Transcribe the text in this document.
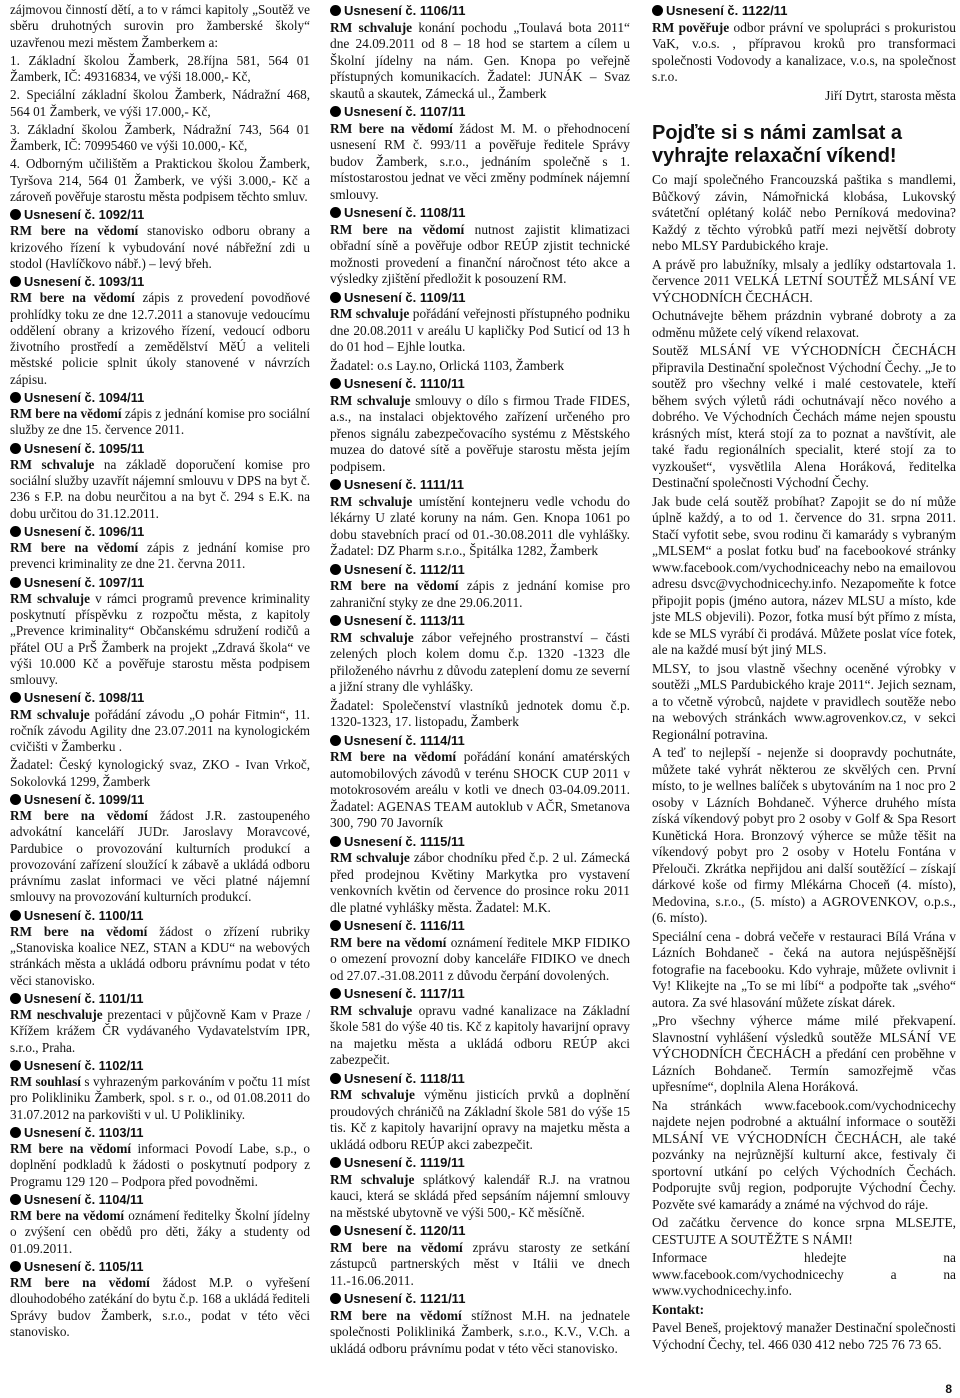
zájmovou činností dětí, a to v rámci kapitoly „Soutěž ve sběru druhotných surovin pro žamberské školy“ uzavřenou mezi městem Žamberkem a:

1. Základní školou Žamberk, 28.října 581, 564 01 Žamberk, IČ: 49316834, ve výši 18.000,- Kč,

2. Speciální základní školou Žamberk, Nádražní 468, 564 01 Žamberk, ve výši 17.000,- Kč,

3. Základní školou Žamberk, Nádražní 743, 564 01 Žamberk, IČ: 70995460 ve výši 10.000,- Kč,

4. Odborným učilištěm a Praktickou školou Žamberk, Tyršova 214, 564 01 Žamberk, ve výši 3.000,- Kč a zároveň pověřuje starostu města podpisem těchto smluv.

Usnesení č. 1092/11

RM bere na vědomí stanovisko odboru obrany a krizového řízení k vybudování nové nábřežní zdi u stodol (Havlíčkovo nábř.) – levý břeh.

Usnesení č. 1093/11

RM bere na vědomí zápis z provedení povodňové prohlídky toku ze dne 12.7.2011 a stanovuje vedoucímu oddělení obrany a krizového řízení, vedoucí odboru životního prostředí a zemědělství MěÚ a veliteli městské policie splnit úkoly stanovené v návrzích zápisu.

Usnesení č. 1094/11

RM bere na vědomí zápis z jednání komise pro sociální služby ze dne 15. července 2011.

Usnesení č. 1095/11

RM schvaluje na základě doporučení komise pro sociální služby uzavřít nájemní smlouvu v DPS na byt č. 236 s F.P. na dobu neurčitou a na byt č. 294 s E.K. na dobu určitou do 31.12.2011.

Usnesení č. 1096/11

RM bere na vědomí zápis z jednání komise pro prevenci kriminality ze dne 21. června 2011.

Usnesení č. 1097/11

RM schvaluje v rámci programů prevence kriminality poskytnutí příspěvku z rozpočtu města, z kapitoly „Prevence kriminality“ Občanskému sdružení rodičů a přátel OU a PrŠ Žamberk na projekt „Zdravá škola“ ve výši 10.000 Kč a pověřuje starostu města podpisem smlouvy.

Usnesení č. 1098/11

RM schvaluje pořádání závodu „O pohár Fitmin“, 11. ročník závodu Agility dne 23.07.2011 na kynologickém cvičišti v Žamberku .

Žadatel: Český kynologický svaz, ZKO - Ivan Vrkoč, Sokolovká 1299, Žamberk

Usnesení č. 1099/11

RM bere na vědomí žádost J.R. zastoupeného advokátní kanceláří JUDr. Jaroslavy Moravcové, Pardubice o provozování kulturních produkcí a provozování zařízení sloužící k zábavě a ukládá odboru právnímu zaslat informaci ve věci platné nájemní smlouvy na provozování kulturních produkcí.

Usnesení č. 1100/11

RM bere na vědomí žádost o zřízení rubriky „Stanoviska koalice NEZ, STAN a KDU“ na webových stránkách města a ukládá odboru právnímu podat v této věci stanovisko.

Usnesení č. 1101/11

RM neschvaluje prezentaci v půjčovně Kam v Praze / Křížem krážem ČR vydávaného Vydavatelstvím IPR, s.r.o., Praha.

Usnesení č. 1102/11

RM souhlasí s vyhrazeným parkováním v počtu 11 míst pro Polikliniku Žamberk, spol. s r. o., od 01.08.2011 do 31.07.2012 na parkovišti v ul. U Polikliniky.

Usnesení č. 1103/11

RM bere na vědomí informaci Povodí Labe, s.p., o doplnění podkladů k žádosti o poskytnutí podpory z Programu 129 120 – Podpora před povodněmi.

Usnesení č. 1104/11

RM bere na vědomí oznámení ředitelky Školní jídelny o zvýšení cen obědů pro děti, žáky a studenty od 01.09.2011.

Usnesení č. 1105/11

RM bere na vědomí žádost M.P. o vyřešení dlouhodobého zatékání do bytu č.p. 168 a ukládá řediteli Správy budov Žamberk, s.r.o., podat v této věci stanovisko.

Usnesení č. 1106/11

RM schvaluje konání pochodu „Toulavá bota 2011“ dne 24.09.2011 od 8 – 18 hod se startem a cílem u Školní jídelny na nám. Gen. Knopa po veřejně přístupných komunikacích. Žadatel: JUNÁK – Svaz skautů a skautek, Zámecká ul., Žamberk

Usnesení č. 1107/11

RM bere na vědomí žádost M. M. o přehodnocení usnesení RM č. 993/11 a pověřuje ředitele Správy budov Žamberk, s.r.o., jednáním společně s 1. místostarostou jednat ve věci změny podmínek nájemní smlouvy.

Usnesení č. 1108/11

RM bere na vědomí nutnost zajistit klimatizaci obřadní síně a pověřuje odbor REÚP zjistit technické možnosti provedení a finanční náročnost této akce a výsledky zjištění předložit k posouzení RM.

Usnesení č. 1109/11

RM schvaluje pořádání veřejnosti přístupného podniku dne 20.08.2011 v areálu U kapličky Pod Suticí od 13 h do 01 hod – Ejhle loutka.

Žadatel: o.s Lay.no, Orlická 1103, Žamberk

Usnesení č. 1110/11

RM schvaluje smlouvy o dílo s firmou Trade FIDES, a.s., na instalaci objektového zařízení určeného pro přenos signálu zabezpečovacího systému z Městského muzea do datové sítě a pověřuje starostu města jejím podpisem.

Usnesení č. 1111/11

RM schvaluje umístění kontejneru vedle vchodu do lékárny U zlaté koruny na nám. Gen. Knopa 1061 po dobu stavebních prací od 01.-30.08.2011 dle vyhlášky. Žadatel: DZ Pharm s.r.o., Špitálka 1282, Žamberk

Usnesení č. 1112/11

RM bere na vědomí zápis z jednání komise pro zahraniční styky ze dne 29.06.2011.

Usnesení č. 1113/11

RM schvaluje zábor veřejného prostranství – části zelených ploch kolem domu č.p. 1320 -1323 dle přiloženého návrhu z důvodu zateplení domu ze severní a jižní strany dle vyhlášky.

Žadatel: Společenství vlastníků jednotek domu č.p. 1320-1323, 17. listopadu, Žamberk

Usnesení č. 1114/11

RM bere na vědomí pořádání konání amatérských automobilových závodů v terénu SHOCK CUP 2011 v motokrosovém areálu v kotli ve dnech 03-04.09.2011. Žadatel: AGENAS TEAM autoklub v AČR, Smetanova 300, 790 70 Javorník

Usnesení č. 1115/11

RM schvaluje zábor chodníku před č.p. 2 ul. Zámecká před prodejnou Květiny Markytka pro vystavení venkovních květin od července do prosince roku 2011 dle platné vyhlášky města. Žadatel: M.K.

Usnesení č. 1116/11

RM bere na vědomí oznámení ředitele MKP FIDIKO o omezení provozní doby kanceláře FIDIKO ve dnech od 27.07.-31.08.2011 z důvodu čerpání dovolených.

Usnesení č. 1117/11

RM schvaluje opravu vadné kanalizace na Základní škole 581 do výše 40 tis. Kč z kapitoly havarijní opravy na majetku města a ukládá odboru REÚP akci zabezpečit.

Usnesení č. 1118/11

RM schvaluje výměnu jisticích prvků a doplnění proudových chráničů na Základní škole 581 do výše 15 tis. Kč z kapitoly havarijní opravy na majetku města a ukládá odboru REÚP akci zabezpečit.

Usnesení č. 1119/11

RM schvaluje splátkový kalendář R.J. na vratnou kauci, která se skládá před sepsáním nájemní smlouvy na městské ubytovně ve výši 500,- Kč měsíčně.

Usnesení č. 1120/11

RM bere na vědomí zprávu starosty ze setkání zástupců partnerských měst v Itálii ve dnech 11.-16.06.2011.

Usnesení č. 1121/11

RM bere na vědomí stížnost M.H. na jednatele společnosti Polikliniká Žamberk, s.r.o., K.V., V.Ch. a ukládá odboru právnímu podat v této věci stanovisko.

Usnesení č. 1122/11

RM pověřuje odbor právní ve spolupráci s prokuristou VaK, v.o.s. , přípravou kroků pro transformaci společnosti Vodovody a kanalizace, v.o.s, na společnost s.r.o.

Jiří Dytrt, starosta města

Pojďte si s námi zamlsat a vyhrajte relaxační víkend!

Co mají společného Francouzská paštika s mandlemi, Bůčkový závin, Námořnická klobása, Lukovský svátetční oplétaný koláč nebo Perníková medovina? Každý z těchto výrobků patří mezi největší dobroty nebo MLSY Pardubického kraje.

A právě pro labužníky, mlsaly a jedlíky odstartovala 1. července 2011 VELKÁ LETNÍ SOUTĚŽ MLSÁNÍ VE VÝCHODNÍCH ČECHÁCH.

Ochutnávejte během prázdnin vybrané dobroty a za odměnu můžete celý víkend relaxovat.

Soutěž MLSÁNÍ VE VÝCHODNÍCH ČECHÁCH připravila Destinační společnost Východní Čechy. „Je to soutěž pro všechny velké i malé cestovatele, kteří během svých výletů rádi ochutnávají něco nového a dobrého. Ve Východních Čechách máme nejen spoustu krásných míst, která stojí za to poznat a navštívit, ale také řadu regionálních specialit, které stojí za to vyzkoušet“, vysvětlila Alena Horáková, ředitelka Destinační společnosti Východní Čechy.

Jak bude celá soutěž probíhat? Zapojit se do ní může úplně každý, a to od 1. července do 31. srpna 2011. Stačí vyfotit sebe, svou rodinu či kamarády s vybraným „MLSEM“ a poslat fotku buď na facebookové stránky www.facebook.com/vychodniceachy nebo na emailovou adresu dsvc@vychodnicechy.info. Nezapomeňte k fotce připojit popis (jméno autora, název MLSU a místo, kde jste MLS objevili). Pozor, fotka musí být přímo z místa, kde se MLS vyrábí či prodává. Můžete poslat více fotek, ale na každé musí být jiný MLS.

MLSY, to jsou vlastně všechny oceněné výrobky v soutěži „MLS Pardubického kraje 2011“. Jejich seznam, a to včetně výrobců, najdete v pravidlech soutěže nebo na webových stránkách www.agrovenkov.cz, v sekci Regionální potravina.

A teď to nejlepší - nejenže si doopravdy pochutnáte, můžete také vyhrát některou ze skvělých cen. První místo, to je wellnes balíček s ubytováním na 1 noc pro 2 osoby v Lázních Bohdaneč. Výherce druhého místa získá víkendový pobyt pro 2 osoby v Golf & Spa Resort Kunětická Hora. Bronzový výherce se může těšit na víkendový pobyt pro 2 osoby v Hotelu Fontána v Přelouči. Zkrátka nepřijdou ani další soutěžící – získají dárkové koše od firmy Mlékárna Choceň (4. místo), Medovina, s.r.o., (5. místo) a AGROVENKOV, o.p.s., (6. místo).

Speciální cena - dobrá večeře v restauraci Bílá Vrána v Lázních Bohdaneč - čeká na autora nejúspěšnější fotografie na facebooku. Kdo vyhraje, můžete ovlivnit i Vy! Klikejte na „To se mi líbí“ a podpořte tak „svého“ autora. Za své hlasování můžete získat dárek.

„Pro všechny výherce máme milé překvapení. Slavnostní vyhlášení výsledků soutěže MLSÁNÍ VE VÝCHODNÍCH ČECHÁCH a předání cen proběhne v Lázních Bohdaneč. Termín samozřejmě včas upřesníme“, doplnila Alena Horáková.

Na stránkách www.facebook.com/vychodnicechy najdete nejen podrobné a aktuální informace o soutěži MLSÁNÍ VE VÝCHODNÍCH ČECHÁCH, ale také pozvánky na nejrůznější kulturní akce, festivaly či sportovní utkání po celých Východních Čechách. Podporujte svůj region, podporujte Východní Čechy. Pozvěte své kamarády a známé na výchvod do ráje.

Od začátku července do konce srpna MLSEJTE, CESTUJTE A SOUTĚŽTE S NÁMI!

Informace hledejte na www.facebook.com/vychodnicechy a na www.vychodnicechy.info.

Kontakt:

Pavel Beneš, projektový manažer Destinační společnosti Východní Čechy, tel. 466 030 412 nebo 725 76 73 65.

8
